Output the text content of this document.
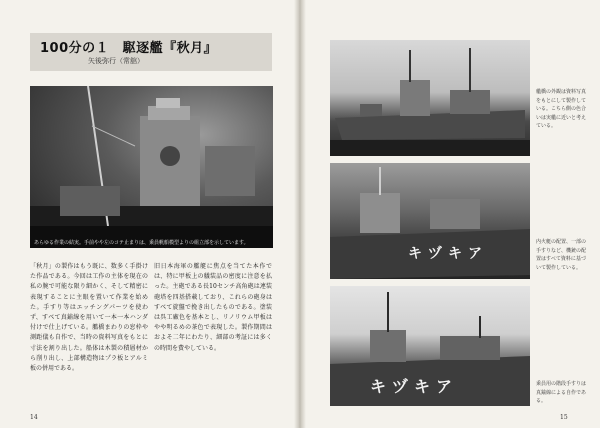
100分の１　駆逐艦『秋月』
矢後弥行（常舘）
あらゆる作業の結実。手前やや左のコテ止まりは、乗員帆船模型よりの組立部を示しています。
キヅキア
キヅキア
「秋月」の製作はもう既に、数多く手掛けた作品である。今回は工作の主体を現在の私の腕で可能な限り細かく、そして精密に表現することに主眼を置いて作業を始めた。手すり等はエッチングパーツを使わず、すべて真鍮線を用いて一本一本ハンダ付けで仕上げている。艦橋まわりの窓枠や測距儀も自作で、当時の資料写真をもとに寸法を割り出した。船体は木製の積層材から削り出し、上部構造物はプラ板とアルミ板の併用である。
旧日本海軍の艦艇に焦点を当てた本作では、特に甲板上の艤装品の密度に注意を払った。主砲である長10センチ高角砲は連装砲塔を四基搭載しており、これらの砲身はすべて旋盤で挽き出したものである。塗装は呉工廠色を基本とし、リノリウム甲板はやや明るめの茶色で表現した。製作期間はおよそ二年にわたり、細部の考証には多くの時間を費やしている。
艦橋の外観は資料写真をもとにして製作している。こちら側の色合いは実艦に近いと考えている。
内火艇の配置、一部の手すりなど、機銃の配置はすべて資料に基づいて製作している。
乗員用の階段手すりは真鍮線による自作である。
14	15
